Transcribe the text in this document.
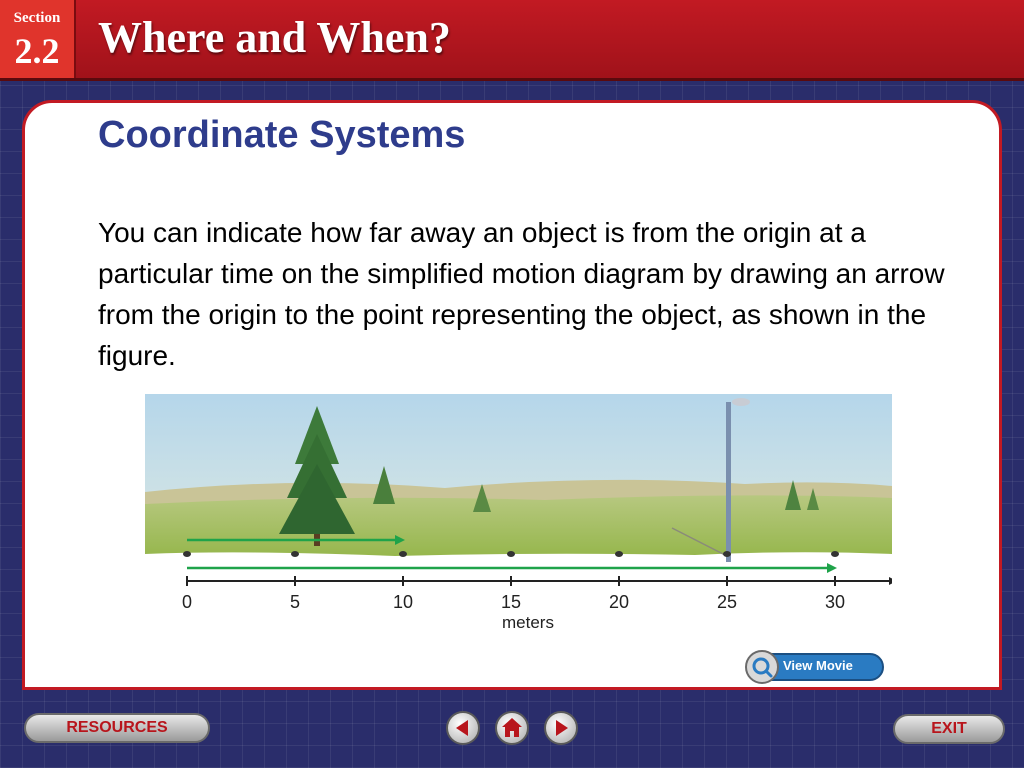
Section
2.2 Where and When?
Coordinate Systems
You can indicate how far away an object is from the origin at a particular time on the simplified motion diagram by drawing an arrow from the origin to the point representing the object, as shown in the figure.
0	5	10	15	20	25	30
meters
View Movie
RESOURCES	EXIT
